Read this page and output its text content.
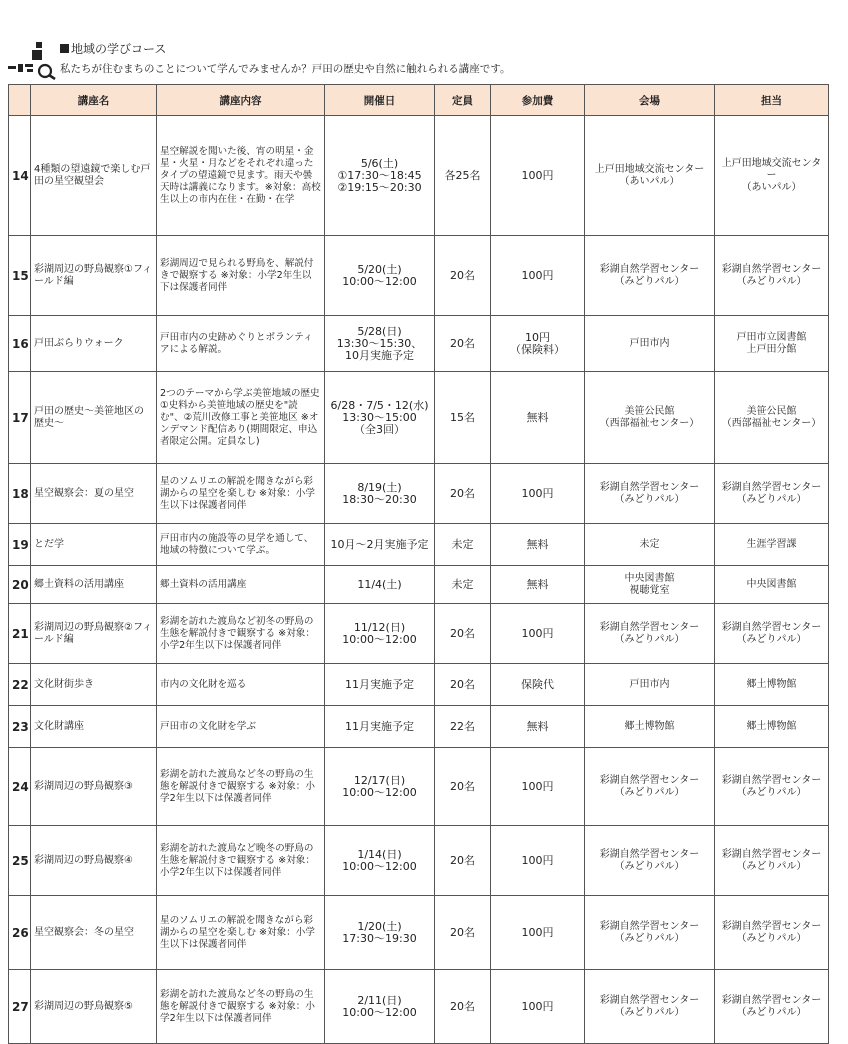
地域の学びコース
私たちが住むまちのことについて学んでみませんか？戸田の歴史や自然に触れられる講座です。
	講座名	講座内容	開催日	定員	参加費	会場	担当
14	4種類の望遠鏡で楽しむ戸田の星空観望会	星空解説を聞いた後、宵の明星・金星・火星・月などをそれぞれ違ったタイプの望遠鏡で見ます。雨天や曇天時は講義になります。※対象：高校生以上の市内在住・在勤・在学	5/6(土)
①17:30～18:45
②19:15～20:30	各25名	100円	上戸田地域交流センター
（あいパル）	上戸田地域交流センター
（あいパル）
15	彩湖周辺の野鳥観察①フィールド編	彩湖周辺で見られる野鳥を、解説付きで観察する ※対象：小学2年生以下は保護者同伴	5/20(土)
10:00～12:00	20名	100円	彩湖自然学習センター
（みどりパル）	彩湖自然学習センター
（みどりパル）
16	戸田ぶらりウォーク	戸田市内の史跡めぐりとボランティアによる解説。	5/28(日)
13:30～15:30、
10月実施予定	20名	10円
（保険料）	戸田市内	戸田市立図書館
上戸田分館
17	戸田の歴史～美笹地区の歴史～	2つのテーマから学ぶ美笹地域の歴史 ①史料から美笹地域の歴史を"読む"、②荒川改修工事と美笹地区 ※オンデマンド配信あり(期間限定、申込者限定公開。定員なし)	6/28・7/5・12(水)
13:30～15:00
（全3回）	15名	無料	美笹公民館
（西部福祉センター）	美笹公民館
（西部福祉センター）
18	星空観察会：夏の星空	星のソムリエの解説を聞きながら彩湖からの星空を楽しむ ※対象：小学生以下は保護者同伴	8/19(土)
18:30～20:30	20名	100円	彩湖自然学習センター
（みどりパル）	彩湖自然学習センター
（みどりパル）
19	とだ学	戸田市内の施設等の見学を通して、地域の特徴について学ぶ。	10月～2月実施予定	未定	無料	未定	生涯学習課
20	郷土資料の活用講座	郷土資料の活用講座	11/4(土)	未定	無料	中央図書館
視聴覚室	中央図書館
21	彩湖周辺の野鳥観察②フィールド編	彩湖を訪れた渡鳥など初冬の野鳥の生態を解説付きで観察する ※対象：小学2年生以下は保護者同伴	11/12(日)
10:00～12:00	20名	100円	彩湖自然学習センター
（みどりパル）	彩湖自然学習センター
（みどりパル）
22	文化財街歩き	市内の文化財を巡る	11月実施予定	20名	保険代	戸田市内	郷土博物館
23	文化財講座	戸田市の文化財を学ぶ	11月実施予定	22名	無料	郷土博物館	郷土博物館
24	彩湖周辺の野鳥観察③	彩湖を訪れた渡鳥など冬の野鳥の生態を解説付きで観察する ※対象：小学2年生以下は保護者同伴	12/17(日)
10:00～12:00	20名	100円	彩湖自然学習センター
（みどりパル）	彩湖自然学習センター
（みどりパル）
25	彩湖周辺の野鳥観察④	彩湖を訪れた渡鳥など晩冬の野鳥の生態を解説付きで観察する ※対象：小学2年生以下は保護者同伴	1/14(日)
10:00～12:00	20名	100円	彩湖自然学習センター
（みどりパル）	彩湖自然学習センター
（みどりパル）
26	星空観察会：冬の星空	星のソムリエの解説を聞きながら彩湖からの星空を楽しむ ※対象：小学生以下は保護者同伴	1/20(土)
17:30～19:30	20名	100円	彩湖自然学習センター
（みどりパル）	彩湖自然学習センター
（みどりパル）
27	彩湖周辺の野鳥観察⑤	彩湖を訪れた渡鳥など冬の野鳥の生態を解説付きで観察する ※対象：小学2年生以下は保護者同伴	2/11(日)
10:00～12:00	20名	100円	彩湖自然学習センター
（みどりパル）	彩湖自然学習センター
（みどりパル）
